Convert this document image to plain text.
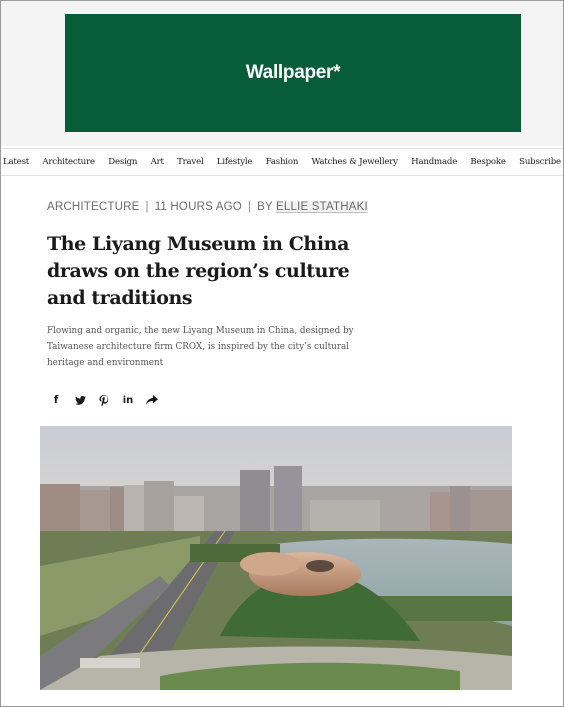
Wallpaper*
Latest Architecture Design Art Travel Lifestyle Fashion Watches & Jewellery Handmade Bespoke Subscribe
ARCHITECTURE | 11 HOURS AGO | BY ELLIE STATHAKI
The Liyang Museum in China draws on the region’s culture and traditions

Flowing and organic, the new Liyang Museum in China, designed by Taiwanese architecture firm CROX, is inspired by the city’s cultural heritage and environment

f	in
